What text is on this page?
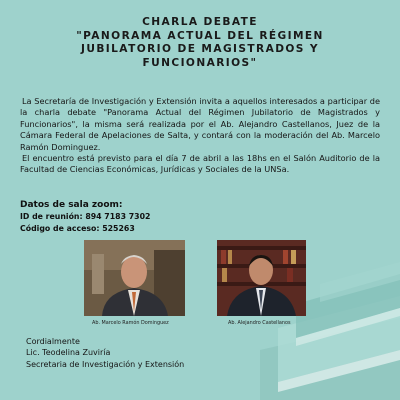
CHARLA DEBATE
"PANORAMA ACTUAL DEL RÉGIMEN
JUBILATORIO DE MAGISTRADOS Y
FUNCIONARIOS"

La Secretaría de Investigación y Extensión invita a aquellos interesados a participar de la charla debate "Panorama Actual del Régimen Jubilatorio de Magistrados y Funcionarios", la misma será realizada por el Ab. Alejandro Castellanos, Juez de la Cámara Federal de Apelaciones de Salta, y contará con la moderación del Ab. Marcelo Ramón Dominguez.

El encuentro está previsto para el día 7 de abril a las 18hs en el Salón Auditorio de la Facultad de Ciencias Económicas, Jurídicas y Sociales de la UNSa.

Datos de sala zoom:
ID de reunión: 894 7183 7302
Código de acceso: 525263
Ab. Marcelo Ramón Dominguez	Ab. Alejandro Castellanos
Cordialmente
Lic. Teodelina Zuviría
Secretaria de Investigación y Extensión
